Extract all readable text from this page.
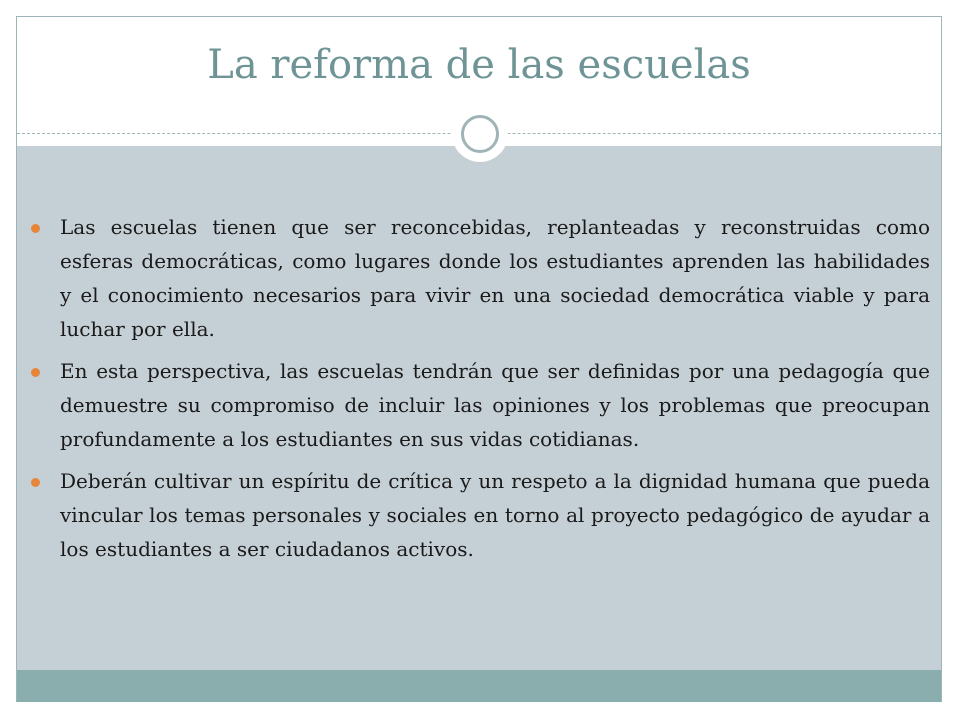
La reforma de las escuelas
Las escuelas tienen que ser reconcebidas, replanteadas y reconstruidas como esferas democráticas, como lugares donde los estudiantes aprenden las habilidades y el conocimiento necesarios para vivir en una sociedad democrática viable y para luchar por ella.
En esta perspectiva, las escuelas tendrán que ser definidas por una pedagogía que demuestre su compromiso de incluir las opiniones y los problemas que preocupan profundamente a los estudiantes en sus vidas cotidianas.
Deberán cultivar un espíritu de crítica y un respeto a la dignidad humana que pueda vincular los temas personales y sociales en torno al proyecto pedagógico de ayudar a los estudiantes a ser ciudadanos activos.
